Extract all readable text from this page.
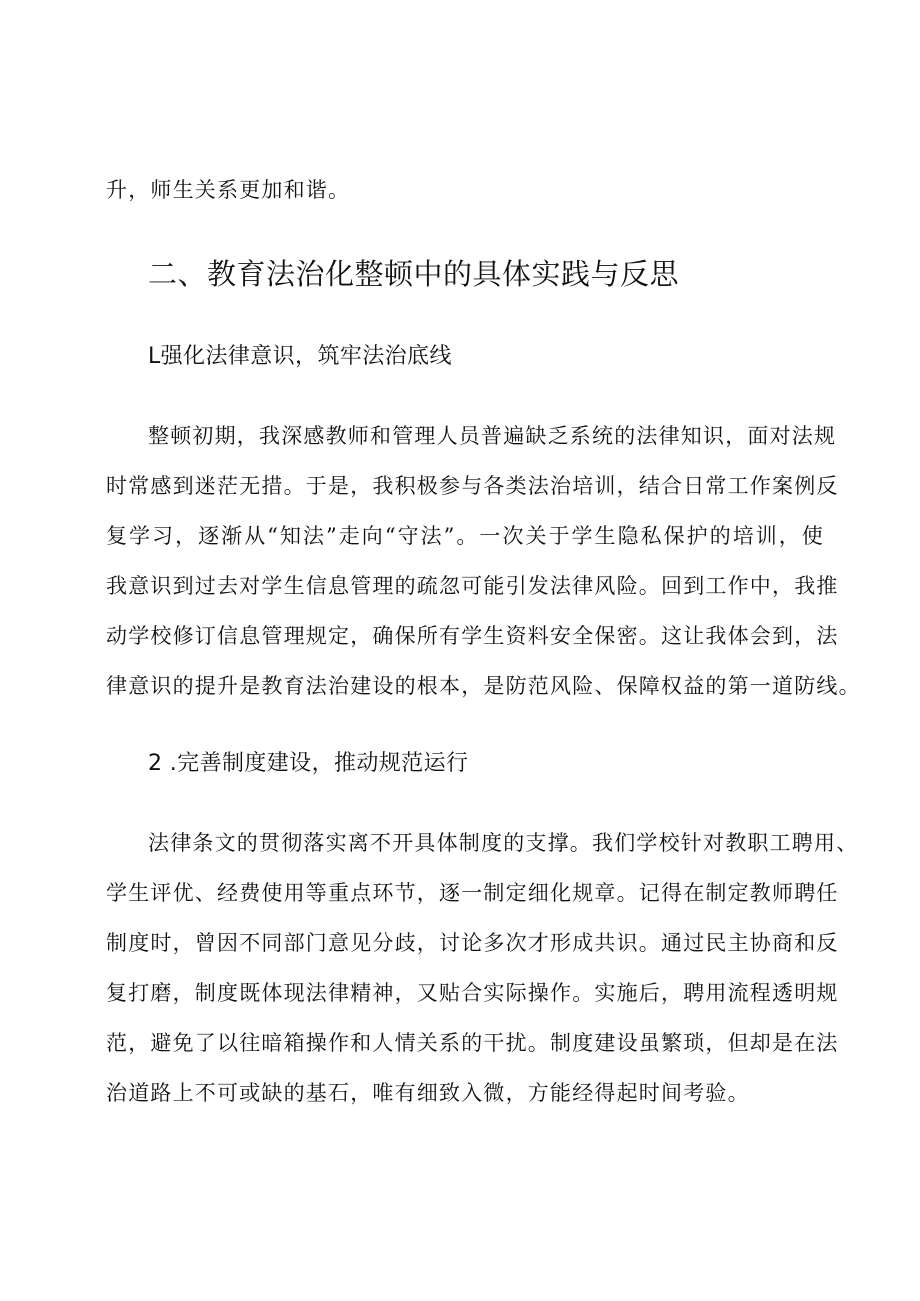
升，师生关系更加和谐。
二、教育法治化整顿中的具体实践与反思
L强化法律意识，筑牢法治底线
整顿初期，我深感教师和管理人员普遍缺乏系统的法律知识，面对法规
时常感到迷茫无措。于是，我积极参与各类法治培训，结合日常工作案例反
复学习，逐渐从“知法”走向“守法”。一次关于学生隐私保护的培训，使
我意识到过去对学生信息管理的疏忽可能引发法律风险。回到工作中，我推
动学校修订信息管理规定，确保所有学生资料安全保密。这让我体会到，法
律意识的提升是教育法治建设的根本，是防范风险、保障权益的第一道防线。
2 .完善制度建设，推动规范运行
法律条文的贯彻落实离不开具体制度的支撑。我们学校针对教职工聘用、
学生评优、经费使用等重点环节，逐一制定细化规章。记得在制定教师聘任
制度时，曾因不同部门意见分歧，讨论多次才形成共识。通过民主协商和反
复打磨，制度既体现法律精神，又贴合实际操作。实施后，聘用流程透明规
范，避免了以往暗箱操作和人情关系的干扰。制度建设虽繁琐，但却是在法
治道路上不可或缺的基石，唯有细致入微，方能经得起时间考验。
